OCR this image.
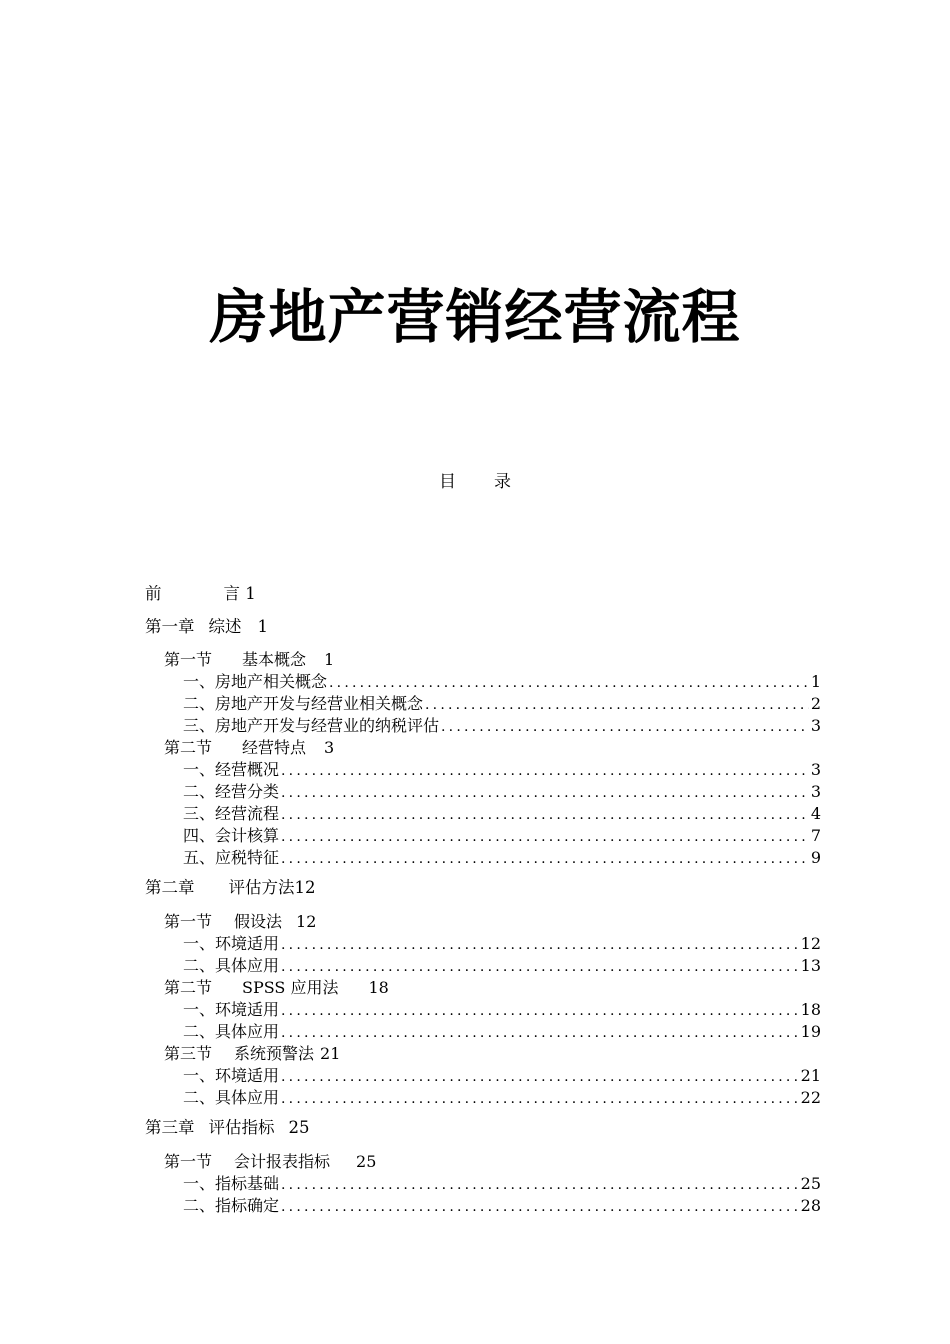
房地产营销经营流程
目 录
前	言 1
第一章 综述 1
第一节 基本概念 1
一、房地产相关概念 .....	1
二、房地产开发与经营业相关概念 .....	2
三、房地产开发与经营业的纳税评估 .....	3
第二节 经营特点 3
一、经营概况 .....	3
二、经营分类 .....	3
三、经营流程 .....	4
四、会计核算 .....	7
五、应税特征 .....	9
第二章 评估方法12
第一节 假设法 12
一、环境适用 .....	12
二、具体应用 .....	13
第二节 SPSS 应用法 18
一、环境适用 .....	18
二、具体应用 .....	19
第三节 系统预警法 21
一、环境适用 .....	21
二、具体应用 .....	22
第三章 评估指标 25
第一节 会计报表指标 25
一、指标基础 .....	25
二、指标确定 .....	28
